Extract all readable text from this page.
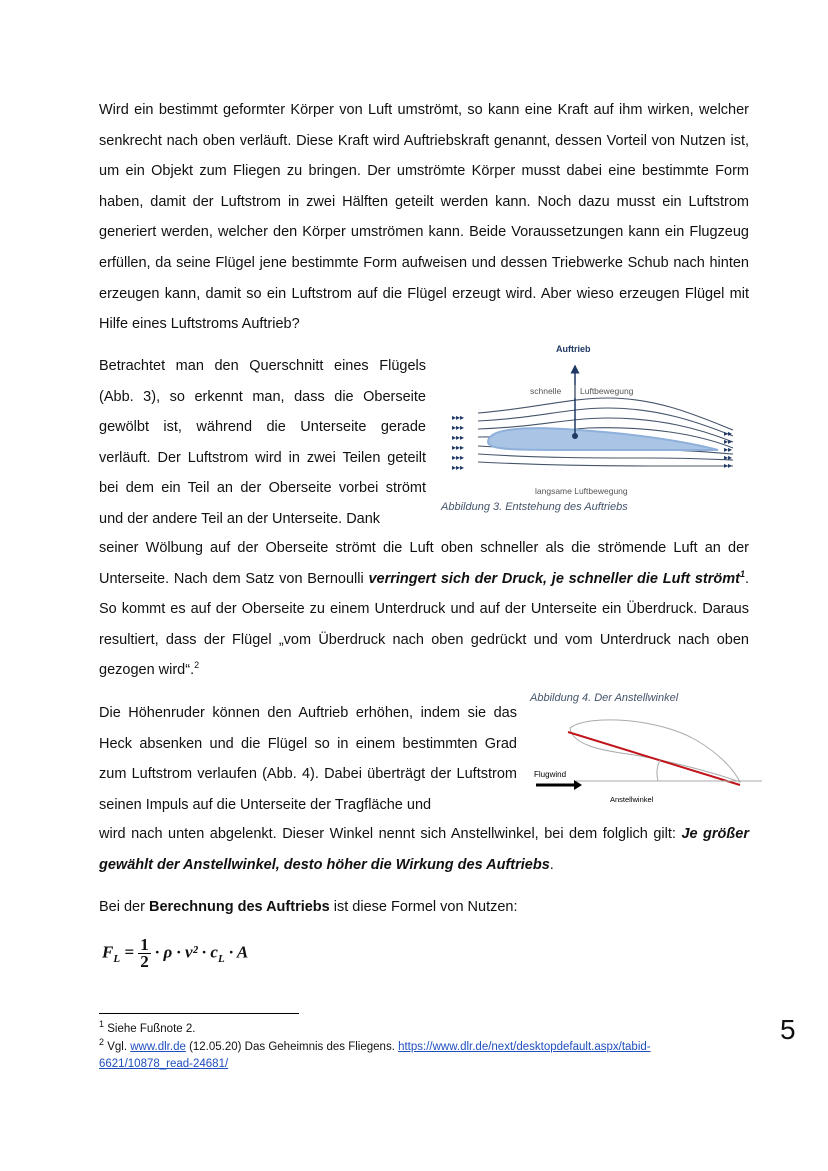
Wird ein bestimmt geformter Körper von Luft umströmt, so kann eine Kraft auf ihm wirken, welcher senkrecht nach oben verläuft. Diese Kraft wird Auftriebskraft genannt, dessen Vorteil von Nutzen ist, um ein Objekt zum Fliegen zu bringen. Der umströmte Körper musst dabei eine bestimmte Form haben, damit der Luftstrom in zwei Hälften geteilt werden kann. Noch dazu musst ein Luftstrom generiert werden, welcher den Körper umströmen kann. Beide Voraussetzungen kann ein Flugzeug erfüllen, da seine Flügel jene bestimmte Form aufweisen und dessen Triebwerke Schub nach hinten erzeugen kann, damit so ein Luftstrom auf die Flügel erzeugt wird. Aber wieso erzeugen Flügel mit Hilfe eines Luftstroms Auftrieb?

Betrachtet man den Querschnitt eines Flügels (Abb. 3), so erkennt man, dass die Oberseite gewölbt ist, während die Unterseite gerade verläuft. Der Luftstrom wird in zwei Teilen geteilt bei dem ein Teil an der Oberseite vorbei strömt und der andere Teil an der Unterseite. Dank

▸▸▸
▸▸▸
▸▸▸
▸▸▸
▸▸▸
▸▸▸
▸▸
▸▸
▸▸
▸▸
▸▸
Auftrieb
schnelle Luftbewegung
langsame Luftbewegung
Abbildung 3. Entstehung des Auftriebs

seiner Wölbung auf der Oberseite strömt die Luft oben schneller als die strömende Luft an der Unterseite. Nach dem Satz von Bernoulli verringert sich der Druck, je schneller die Luft strömt$^1$. So kommt es auf der Oberseite zu einem Unterdruck und auf der Unterseite ein Überdruck. Daraus resultiert, dass der Flügel „vom Überdruck nach oben gedrückt und vom Unterdruck nach oben gezogen wird“.$^2$

Abbildung 4. Der Anstellwinkel
Flugwind
Anstellwinkel

Die Höhenruder können den Auftrieb erhöhen, indem sie das Heck absenken und die Flügel so in einem bestimmten Grad zum Luftstrom verlaufen (Abb. 4). Dabei überträgt der Luftstrom seinen Impuls auf die Unterseite der Tragfläche und

wird nach unten abgelenkt. Dieser Winkel nennt sich Anstellwinkel, bei dem folglich gilt: Je größer gewählt der Anstellwinkel, desto höher die Wirkung des Auftriebs.

Bei der Berechnung des Auftriebs ist diese Formel von Nutzen:

$F_L = \frac{1}{2} \cdot \rho \cdot v^2 \cdot c_L \cdot A$
$^1$ Siehe Fußnote 2.
$^2$ Vgl. www.dlr.de (12.05.20) Das Geheimnis des Fliegens. https://www.dlr.de/next/desktopdefault.aspx/tabid-6621/10878_read-24681/
5
